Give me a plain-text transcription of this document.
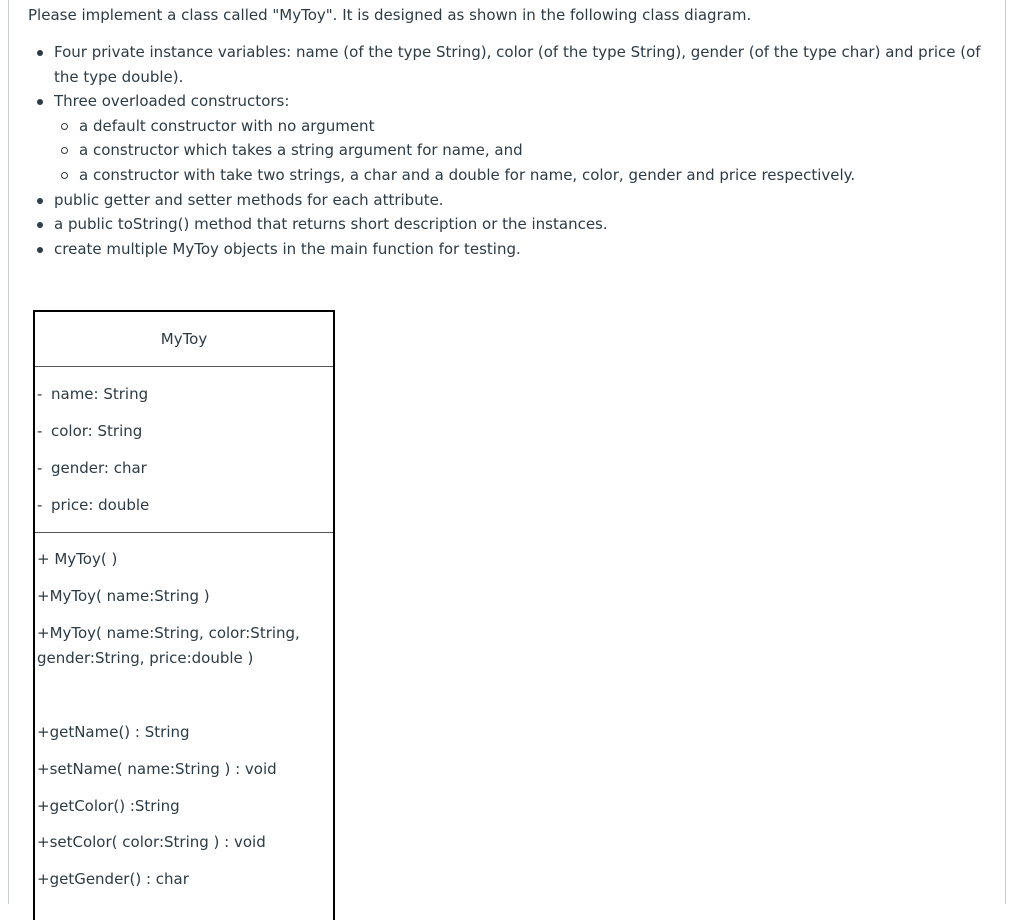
Please implement a class called "MyToy". It is designed as shown in the following class diagram.

Four private instance variables: name (of the type String), color (of the type String), gender (of the type char) and price (of the type double).
Three overloaded constructors:
a default constructor with no argument
a constructor which takes a string argument for name, and
a constructor with take two strings, a char and a double for name, color, gender and price respectively.
public getter and setter methods for each attribute.
a public toString() method that returns short description or the instances.
create multiple MyToy objects in the main function for testing.
MyToy
- name: String
- color: String
- gender: char
- price: double
+ MyToy( )
+MyToy( name:String )
+MyToy( name:String, color:String,
gender:String, price:double )
+getName() : String
+setName( name:String ) : void
+getColor() :String
+setColor( color:String ) : void
+getGender() : char
